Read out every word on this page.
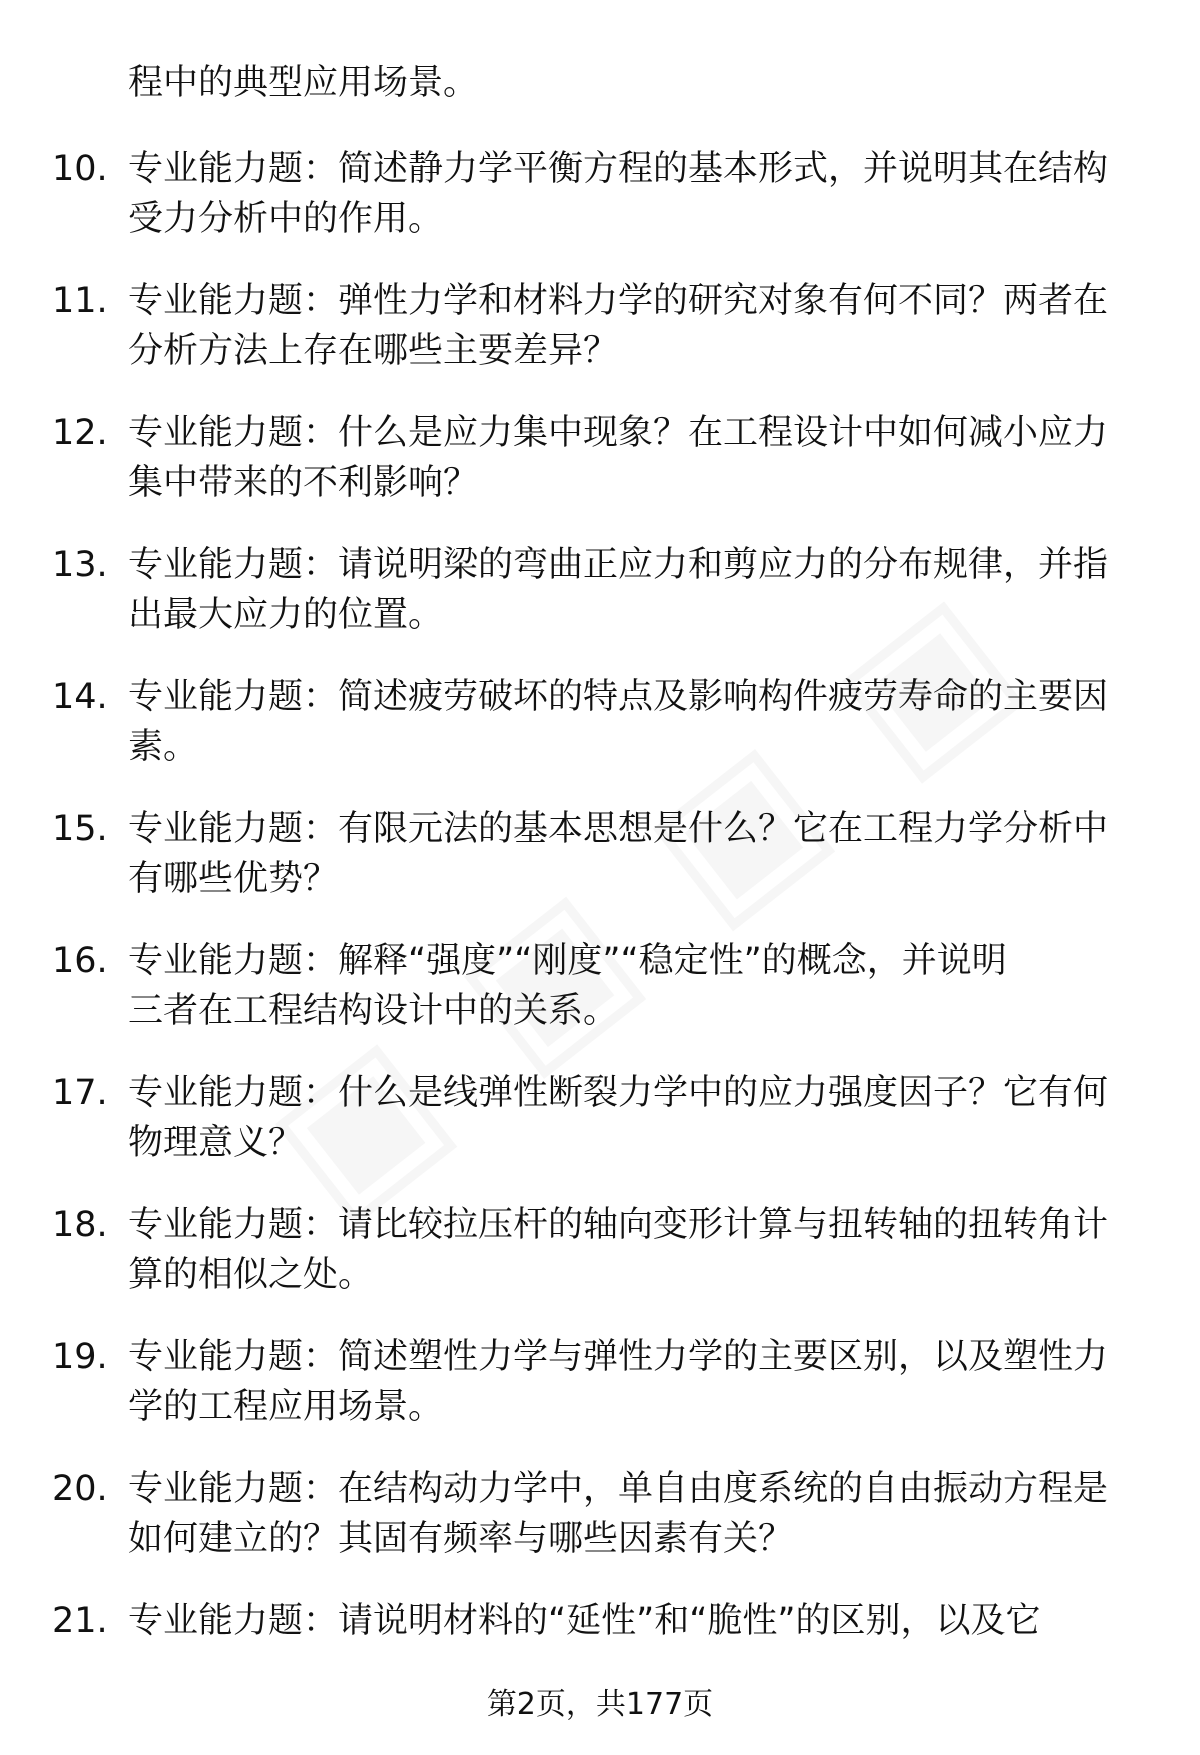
程中的典型应用场景。
10. 专业能力题：简述静力学平衡方程的基本形式，并说明其在结构
受力分析中的作用。
11. 专业能力题：弹性力学和材料力学的研究对象有何不同？两者在
分析方法上存在哪些主要差异？
12. 专业能力题：什么是应力集中现象？在工程设计中如何减小应力
集中带来的不利影响？
13. 专业能力题：请说明梁的弯曲正应力和剪应力的分布规律，并指
出最大应力的位置。
14. 专业能力题：简述疲劳破坏的特点及影响构件疲劳寿命的主要因
素。
15. 专业能力题：有限元法的基本思想是什么？它在工程力学分析中
有哪些优势？
16. 专业能力题：解释“强度”“刚度”“稳定性”的概念，并说明
三者在工程结构设计中的关系。
17. 专业能力题：什么是线弹性断裂力学中的应力强度因子？它有何
物理意义？
18. 专业能力题：请比较拉压杆的轴向变形计算与扭转轴的扭转角计
算的相似之处。
19. 专业能力题：简述塑性力学与弹性力学的主要区别，以及塑性力
学的工程应用场景。
20. 专业能力题：在结构动力学中，单自由度系统的自由振动方程是
如何建立的？其固有频率与哪些因素有关？
21. 专业能力题：请说明材料的“延性”和“脆性”的区别，以及它
第2页，共177页
